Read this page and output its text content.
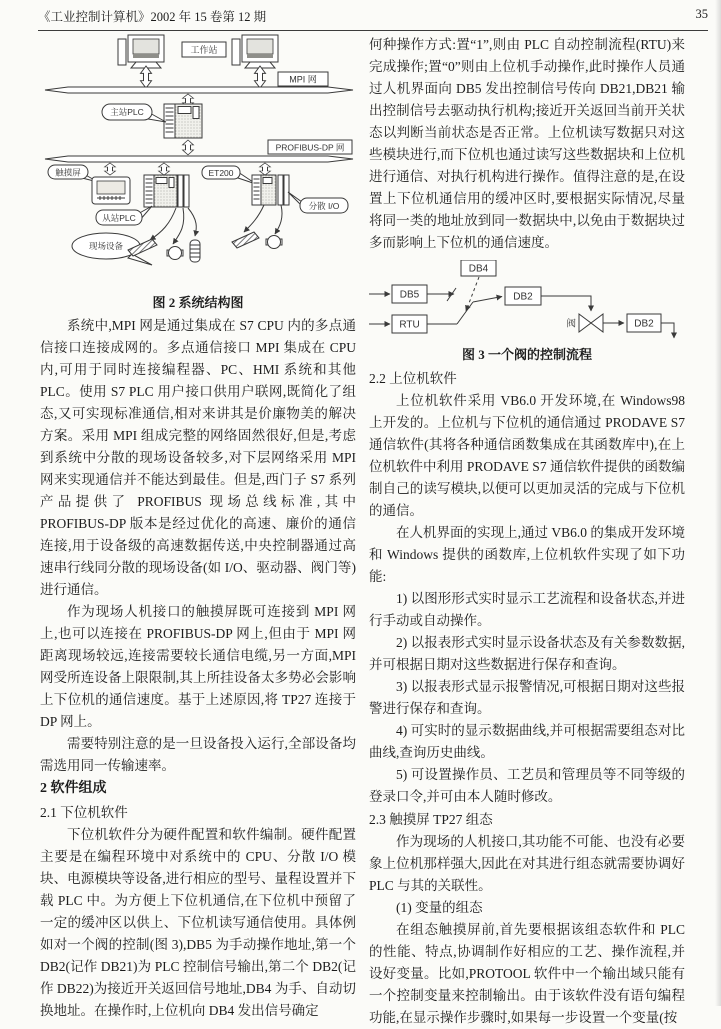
《工业控制计算机》2002 年 15 卷第 12 期	35
工作站
MPI 网
主站PLC
PROFIBUS-DP 网
触摸屏
从站PLC
ET200
分散 I/O
现场设备
图 2 系统结构图

系统中,MPI 网是通过集成在 S7 CPU 内的多点通信接口连接成网的。多点通信接口 MPI 集成在 CPU 内,可用于同时连接编程器、PC、HMI 系统和其他 PLC。使用 S7 PLC 用户接口供用户联网,既简化了组态,又可实现标准通信,相对来讲其是价廉物美的解决方案。采用 MPI 组成完整的网络固然很好,但是,考虑到系统中分散的现场设备较多,对下层网络采用 MPI 网来实现通信并不能达到最佳。但是,西门子 S7 系列产品提供了 PROFIBUS 现场总线标准,其中 PROFIBUS-DP 版本是经过优化的高速、廉价的通信连接,用于设备级的高速数据传送,中央控制器通过高速串行线同分散的现场设备(如 I/O、驱动器、阀门等)进行通信。

作为现场人机接口的触摸屏既可连接到 MPI 网上,也可以连接在 PROFIBUS-DP 网上,但由于 MPI 网距离现场较远,连接需要较长通信电缆,另一方面,MPI 网受所连设备上限限制,其上所挂设备太多势必会影响上下位机的通信速度。基于上述原因,将 TP27 连接于 DP 网上。

需要特别注意的是一旦设备投入运行,全部设备均需选用同一传输速率。

2 软件组成

2.1 下位机软件

下位机软件分为硬件配置和软件编制。硬件配置主要是在编程环境中对系统中的 CPU、分散 I/O 模块、电源模块等设备,进行相应的型号、量程设置并下载 PLC 中。为方便上下位机通信,在下位机中预留了一定的缓冲区以供上、下位机读写通信使用。具体例如对一个阀的控制(图 3),DB5 为手动操作地址,第一个 DB2(记作 DB21)为 PLC 控制信号输出,第二个 DB2(记作 DB22)为接近开关返回信号地址,DB4 为手、自动切换地址。在操作时,上位机向 DB4 发出信号确定

何种操作方式:置“1”,则由 PLC 自动控制流程(RTU)来完成操作;置“0”则由上位机手动操作,此时操作人员通过人机界面向 DB5 发出控制信号传向 DB21,DB21 输出控制信号去驱动执行机构;接近开关返回当前开关状态以判断当前状态是否正常。上位机读写数据只对这些模块进行,而下位机也通过读写这些数据块和上位机进行通信、对执行机构进行操作。值得注意的是,在设置上下位机通信用的缓冲区时,要根据实际情况,尽量将同一类的地址放到同一数据块中,以免由于数据块过多而影响上下位机的通信速度。

DB5
RTU
DB4
DB2
阀	DB2
图 3 一个阀的控制流程

2.2 上位机软件

上位机软件采用 VB6.0 开发环境,在 Windows98 上开发的。上位机与下位机的通信通过 PRODAVE S7 通信软件(其将各种通信函数集成在其函数库中),在上位机软件中利用 PRODAVE S7 通信软件提供的函数编制自己的读写模块,以便可以更加灵活的完成与下位机的通信。

在人机界面的实现上,通过 VB6.0 的集成开发环境和 Windows 提供的函数库,上位机软件实现了如下功能:

1) 以图形形式实时显示工艺流程和设备状态,并进行手动或自动操作。

2) 以报表形式实时显示设备状态及有关参数数据,并可根据日期对这些数据进行保存和查询。

3) 以报表形式显示报警情况,可根据日期对这些报警进行保存和查询。

4) 可实时的显示数据曲线,并可根据需要组态对比曲线,查询历史曲线。

5) 可设置操作员、工艺员和管理员等不同等级的登录口令,并可由本人随时修改。

2.3 触摸屏 TP27 组态

作为现场的人机接口,其功能不可能、也没有必要象上位机那样强大,因此在对其进行组态就需要协调好 PLC 与其的关联性。

(1) 变量的组态

在组态触摸屏前,首先要根据该组态软件和 PLC 的性能、特点,协调制作好相应的工艺、操作流程,并设好变量。比如,PROTOOL 软件中一个输出域只能有一个控制变量来控制输出。由于该软件没有语句编程功能,在显示操作步骤时,如果每一步设置一个变量(按
